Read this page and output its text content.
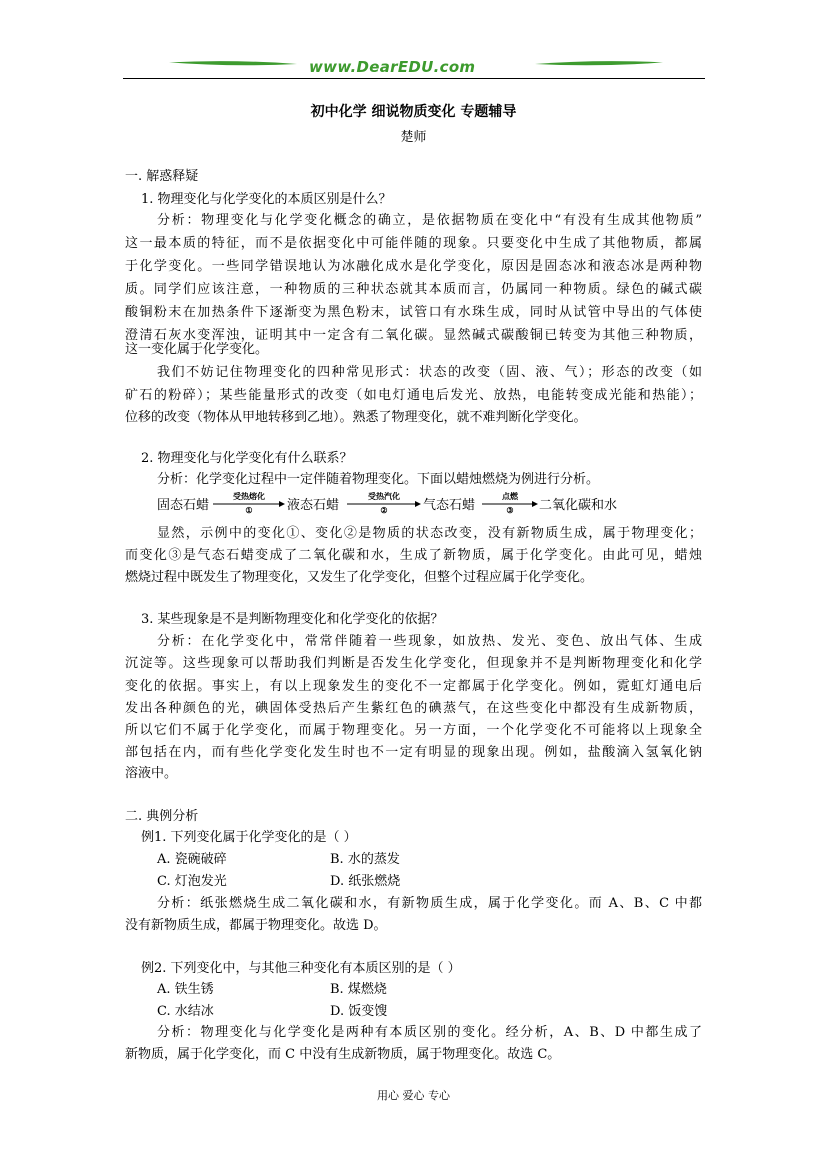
www.DearEDU.com
初中化学 细说物质变化 专题辅导
楚师
一. 解惑释疑
1. 物理变化与化学变化的本质区别是什么？
分析：物理变化与化学变化概念的确立，是依据物质在变化中“有没有生成其他物质”
这一最本质的特征，而不是依据变化中可能伴随的现象。只要变化中生成了其他物质，都属
于化学变化。一些同学错误地认为冰融化成水是化学变化，原因是固态冰和液态冰是两种物
质。同学们应该注意，一种物质的三种状态就其本质而言，仍属同一种物质。绿色的碱式碳
酸铜粉末在加热条件下逐渐变为黑色粉末，试管口有水珠生成，同时从试管中导出的气体使
澄清石灰水变浑浊，证明其中一定含有二氧化碳。显然碱式碳酸铜已转变为其他三种物质，
这一变化属于化学变化。
我们不妨记住物理变化的四种常见形式：状态的改变（固、液、气）；形态的改变（如
矿石的粉碎）；某些能量形式的改变（如电灯通电后发光、放热，电能转变成光能和热能）；
位移的改变（物体从甲地转移到乙地）。熟悉了物理变化，就不难判断化学变化。
2. 物理变化与化学变化有什么联系？
分析：化学变化过程中一定伴随着物理变化。下面以蜡烛燃烧为例进行分析。
固态石蜡
受热熔化
①	液态石蜡
受热汽化
②	气态石蜡
点燃
③	二氧化碳和水
显然，示例中的变化①、变化②是物质的状态改变，没有新物质生成，属于物理变化；
而变化③是气态石蜡变成了二氧化碳和水，生成了新物质，属于化学变化。由此可见，蜡烛
燃烧过程中既发生了物理变化，又发生了化学变化，但整个过程应属于化学变化。
3. 某些现象是不是判断物理变化和化学变化的依据？
分析：在化学变化中，常常伴随着一些现象，如放热、发光、变色、放出气体、生成
沉淀等。这些现象可以帮助我们判断是否发生化学变化，但现象并不是判断物理变化和化学
变化的依据。事实上，有以上现象发生的变化不一定都属于化学变化。例如，霓虹灯通电后
发出各种颜色的光，碘固体受热后产生紫红色的碘蒸气，在这些变化中都没有生成新物质，
所以它们不属于化学变化，而属于物理变化。另一方面，一个化学变化不可能将以上现象全
部包括在内，而有些化学变化发生时也不一定有明显的现象出现。例如，盐酸滴入氢氧化钠
溶液中。
二. 典例分析
例1. 下列变化属于化学变化的是（ ）
A. 瓷碗破碎	B. 水的蒸发
C. 灯泡发光	D. 纸张燃烧
分析：纸张燃烧生成二氧化碳和水，有新物质生成，属于化学变化。而 A、B、C 中都
没有新物质生成，都属于物理变化。故选 D。
例2. 下列变化中，与其他三种变化有本质区别的是（ ）
A. 铁生锈	B. 煤燃烧
C. 水结冰	D. 饭变馊
分析：物理变化与化学变化是两种有本质区别的变化。经分析，A、B、D 中都生成了
新物质，属于化学变化，而 C 中没有生成新物质，属于物理变化。故选 C。
用心 爱心 专心
